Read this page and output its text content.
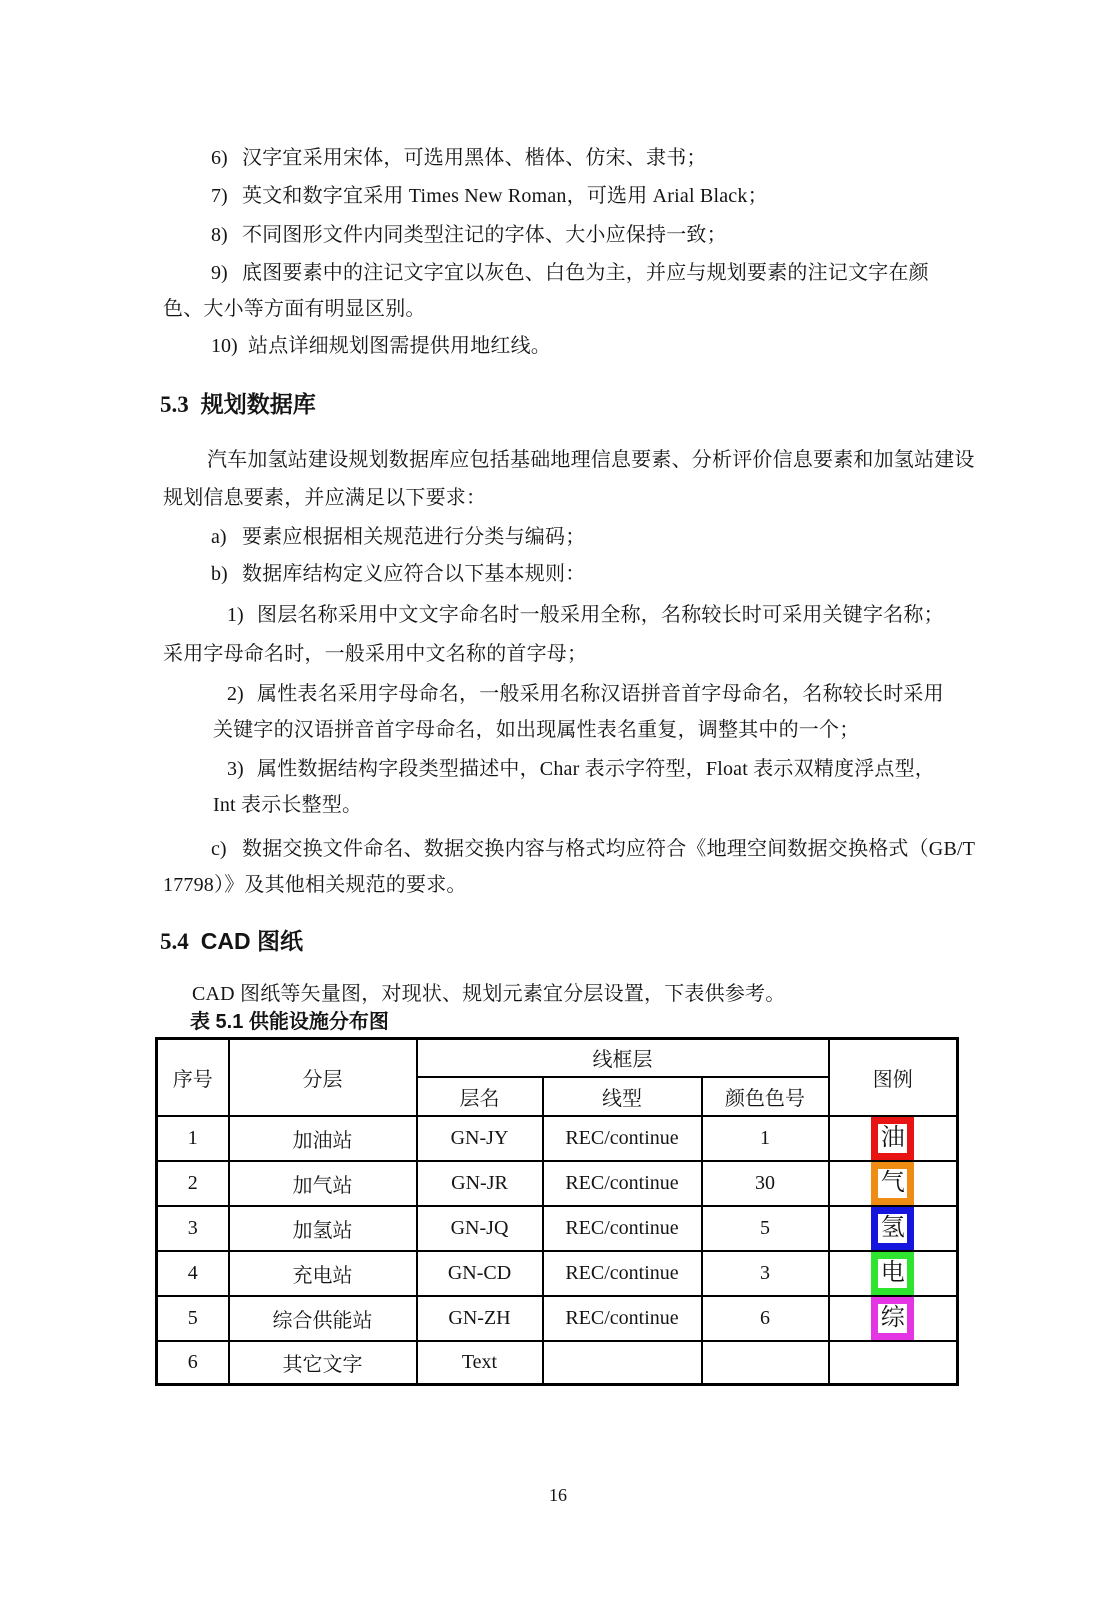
6) 汉字宜采用宋体，可选用黑体、楷体、仿宋、隶书；
7) 英文和数字宜采用 Times New Roman，可选用 Arial Black；
8) 不同图形文件内同类型注记的字体、大小应保持一致；
9) 底图要素中的注记文字宜以灰色、白色为主，并应与规划要素的注记文字在颜
色、大小等方面有明显区别。
10) 站点详细规划图需提供用地红线。
5.3 规划数据库
汽车加氢站建设规划数据库应包括基础地理信息要素、分析评价信息要素和加氢站建设
规划信息要素，并应满足以下要求：
a) 要素应根据相关规范进行分类与编码；
b) 数据库结构定义应符合以下基本规则：
1) 图层名称采用中文文字命名时一般采用全称，名称较长时可采用关键字名称；
采用字母命名时，一般采用中文名称的首字母；
2) 属性表名采用字母命名，一般采用名称汉语拼音首字母命名，名称较长时采用
关键字的汉语拼音首字母命名，如出现属性表名重复，调整其中的一个；
3) 属性数据结构字段类型描述中，Char 表示字符型，Float 表示双精度浮点型，
Int 表示长整型。
c) 数据交换文件命名、数据交换内容与格式均应符合《地理空间数据交换格式（GB/T
17798）》及其他相关规范的要求。
5.4 CAD 图纸
CAD 图纸等矢量图，对现状、规划元素宜分层设置，下表供参考。
表 5.1 供能设施分布图
序号	分层	线框层			图例
		层名	线型	颜色色号	
1	加油站	GN-JY	REC/continue	1	油
2	加气站	GN-JR	REC/continue	30	气
3	加氢站	GN-JQ	REC/continue	5	氢
4	充电站	GN-CD	REC/continue	3	电
5	综合供能站	GN-ZH	REC/continue	6	综
6	其它文字	Text			
16
